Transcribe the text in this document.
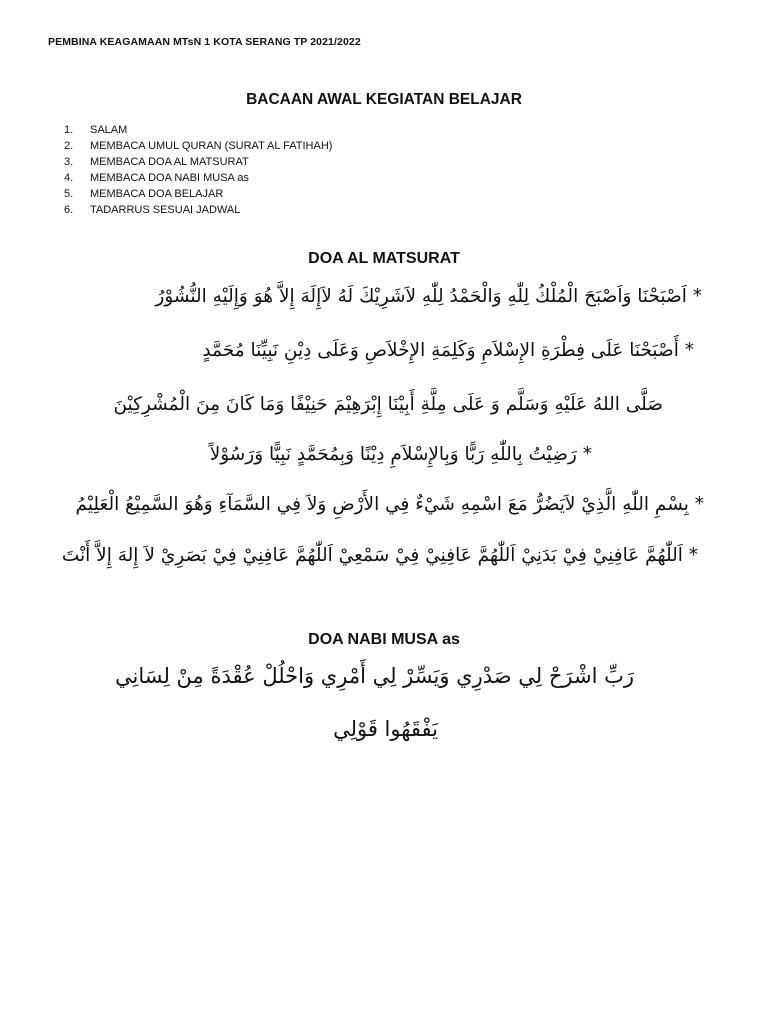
PEMBINA KEAGAMAAN MTsN 1 KOTA SERANG TP 2021/2022
BACAAN AWAL KEGIATAN BELAJAR
1.	SALAM
2.	MEMBACA UMUL QURAN (SURAT AL FATIHAH)
3.	MEMBACA DOA AL MATSURAT
4.	MEMBACA DOA NABI MUSA as
5.	MEMBACA DOA BELAJAR
6.	TADARRUS SESUAI JADWAL
DOA AL MATSURAT
* اَصْبَحْنَا وَاَصْبَحَ الْمُلْكُ لِلّٰهِ وَالْحَمْدُ لِلّٰهِ لاَشَرِيْكَ لَهُ لاَإِلَهَ إِلاَّ هُوَ وَإِلَيْهِ النُّشُوْرُ
* أَصْبَحْنَا عَلَى فِطْرَةِ الإِسْلاَمِ وَكَلِمَةِ الإِخْلاَصِ وَعَلَى دِيْنِ نَبِيِّنَا مُحَمَّدٍ
صَلَّى اللهُ عَلَيْهِ وَسَلَّم وَ عَلَى مِلَّةِ أَبِيْنَا إِبْرَهِيْمَ حَنِيْفًا وَمَا كَانَ مِنَ الْمُشْرِكِيْنَ
* رَضِيْتُ بِاللّٰهِ رَبًّا وَبِالإِسْلاَمِ دِيْنًا وَبِمُحَمَّدٍ نَبِيًّا وَرَسُوْلاً
* بِسْمِ اللّٰهِ الَّذِيْ لاَيَضُرُّ مَعَ اسْمِهِ شَيْءٌ فِي الأَرْضِ وَلاَ فِي السَّمَآءِ وَهُوَ السَّمِيْعُ الْعَلِيْمُ
* اَللّٰهُمَّ عَافِنِيْ فِيْ بَدَنِيْ اَللّٰهُمَّ عَافِنِيْ فِيْ سَمْعِيْ اَللّٰهُمَّ عَافِنِيْ فِيْ بَصَرِيْ لاَ إِلهَ إِلاَّ أَنْتَ
DOA NABI MUSA as
رَبِّ اشْرَحْ لِي صَدْرِي وَيَسِّرْ لِي أَمْرِي وَاحْلُلْ عُقْدَةً مِنْ لِسَانِي
يَفْقَهُوا قَوْلِي
